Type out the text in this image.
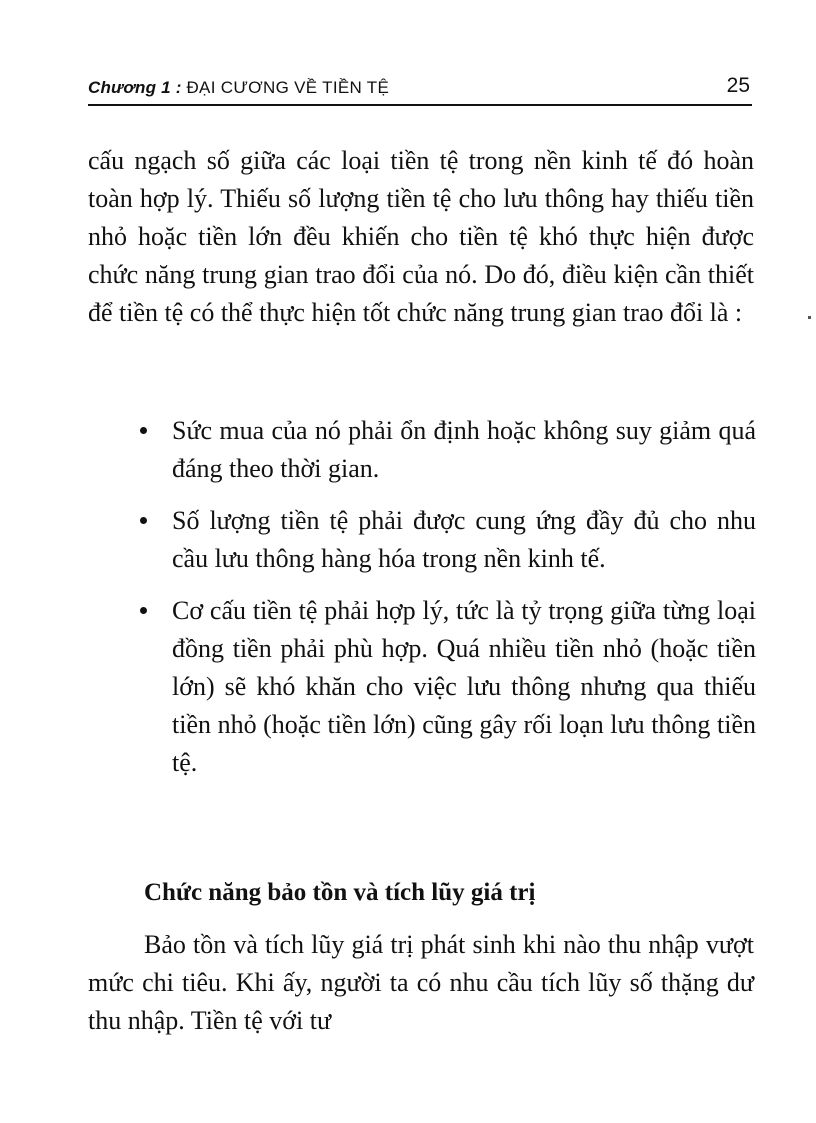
Chương 1 : ĐẠI CƯƠNG VỀ TIỀN TỆ	25

cấu ngạch số giữa các loại tiền tệ trong nền kinh tế đó hoàn toàn hợp lý. Thiếu số lượng tiền tệ cho lưu thông hay thiếu tiền nhỏ hoặc tiền lớn đều khiến cho tiền tệ khó thực hiện được chức năng trung gian trao đổi của nó. Do đó, điều kiện cần thiết để tiền tệ có thể thực hiện tốt chức năng trung gian trao đổi là :

Sức mua của nó phải ổn định hoặc không suy giảm quá đáng theo thời gian.
Số lượng tiền tệ phải được cung ứng đầy đủ cho nhu cầu lưu thông hàng hóa trong nền kinh tế.
Cơ cấu tiền tệ phải hợp lý, tức là tỷ trọng giữa từng loại đồng tiền phải phù hợp. Quá nhiều tiền nhỏ (hoặc tiền lớn) sẽ khó khăn cho việc lưu thông nhưng qua thiếu tiền nhỏ (hoặc tiền lớn) cũng gây rối loạn lưu thông tiền tệ.
Chức năng bảo tồn và tích lũy giá trị

Bảo tồn và tích lũy giá trị phát sinh khi nào thu nhập vượt mức chi tiêu. Khi ấy, người ta có nhu cầu tích lũy số thặng dư thu nhập. Tiền tệ với tư
